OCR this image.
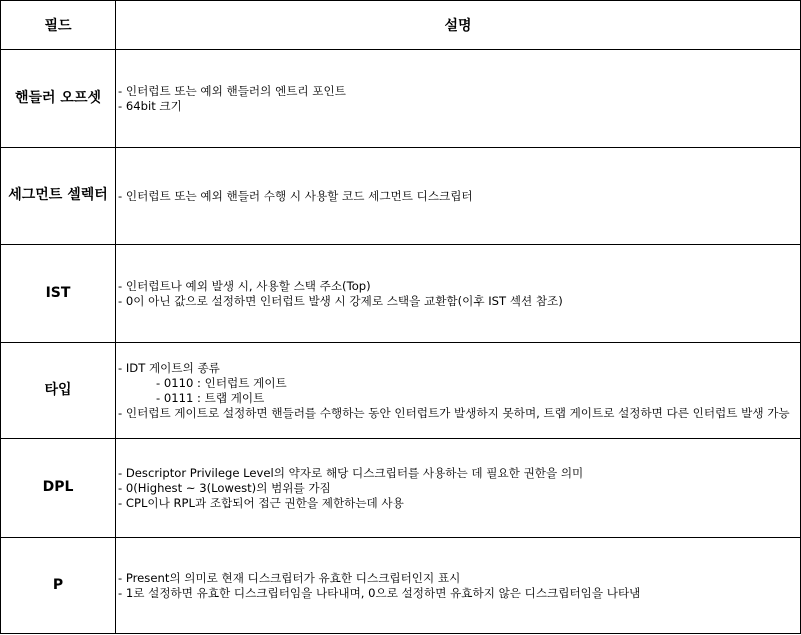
필드	설명
핸들러 오프셋	- 인터럽트 또는 예외 핸들러의 엔트리 포인트
- 64bit 크기

세그먼트 셀렉터	- 인터럽트 또는 예외 핸들러 수행 시 사용할 코드 세그먼트 디스크립터

IST	- 인터럽트나 예외 발생 시, 사용할 스택 주소(Top)
- 0이 아닌 값으로 설정하면 인터럽트 발생 시 강제로 스택을 교환함(이후 IST 섹션 참조)

타입	- IDT 게이트의 종류
- 0110 : 인터럽트 게이트
- 0111 : 트랩 게이트
- 인터럽트 게이트로 설정하면 핸들러를 수행하는 동안 인터럽트가 발생하지 못하며, 트랩 게이트로 설정하면 다른 인터럽트 발생 가능

DPL	- Descriptor Privilege Level의 약자로 해당 디스크립터를 사용하는 데 필요한 권한을 의미
- 0(Highest ~ 3(Lowest)의 범위를 가짐
- CPL이나 RPL과 조합되어 접근 권한을 제한하는데 사용

P	- Present의 의미로 현재 디스크립터가 유효한 디스크립터인지 표시
- 1로 설정하면 유효한 디스크립터임을 나타내며, 0으로 설정하면 유효하지 않은 디스크립터임을 나타냄
